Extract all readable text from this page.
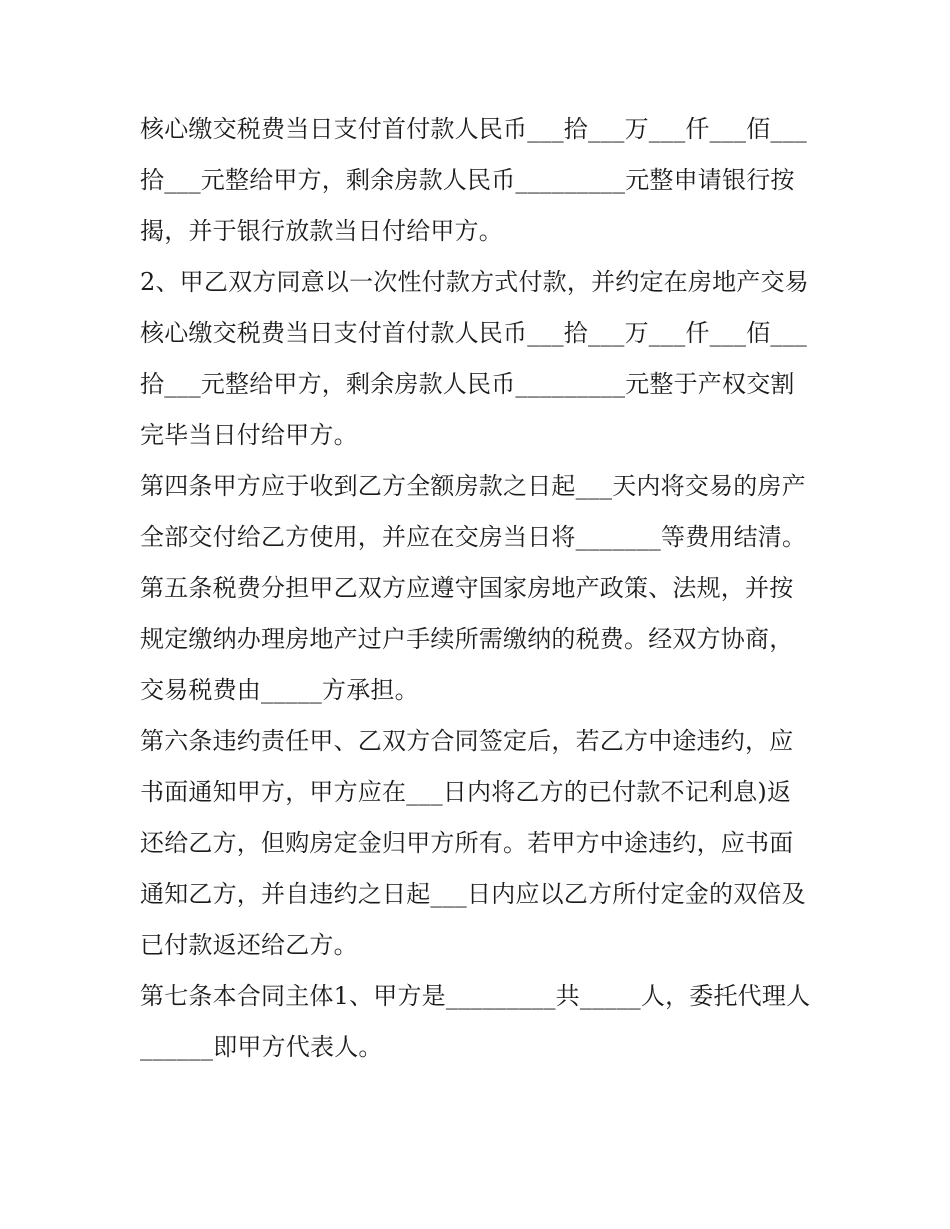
核心缴交税费当日支付首付款人民币___拾___万___仟___佰___拾___元整给甲方，剩余房款人民币_________元整申请银行按揭，并于银行放款当日付给甲方。

2、甲乙双方同意以一次性付款方式付款，并约定在房地产交易核心缴交税费当日支付首付款人民币___拾___万___仟___佰___拾___元整给甲方，剩余房款人民币_________元整于产权交割完毕当日付给甲方。

第四条甲方应于收到乙方全额房款之日起___天内将交易的房产全部交付给乙方使用，并应在交房当日将_______等费用结清。

第五条税费分担甲乙双方应遵守国家房地产政策、法规，并按规定缴纳办理房地产过户手续所需缴纳的税费。经双方协商，交易税费由_____方承担。

第六条违约责任甲、乙双方合同签定后，若乙方中途违约，应书面通知甲方，甲方应在___日内将乙方的已付款不记利息)返还给乙方，但购房定金归甲方所有。若甲方中途违约，应书面通知乙方，并自违约之日起___日内应以乙方所付定金的双倍及已付款返还给乙方。

第七条本合同主体1、甲方是_________共_____人，委托代理人______即甲方代表人。
